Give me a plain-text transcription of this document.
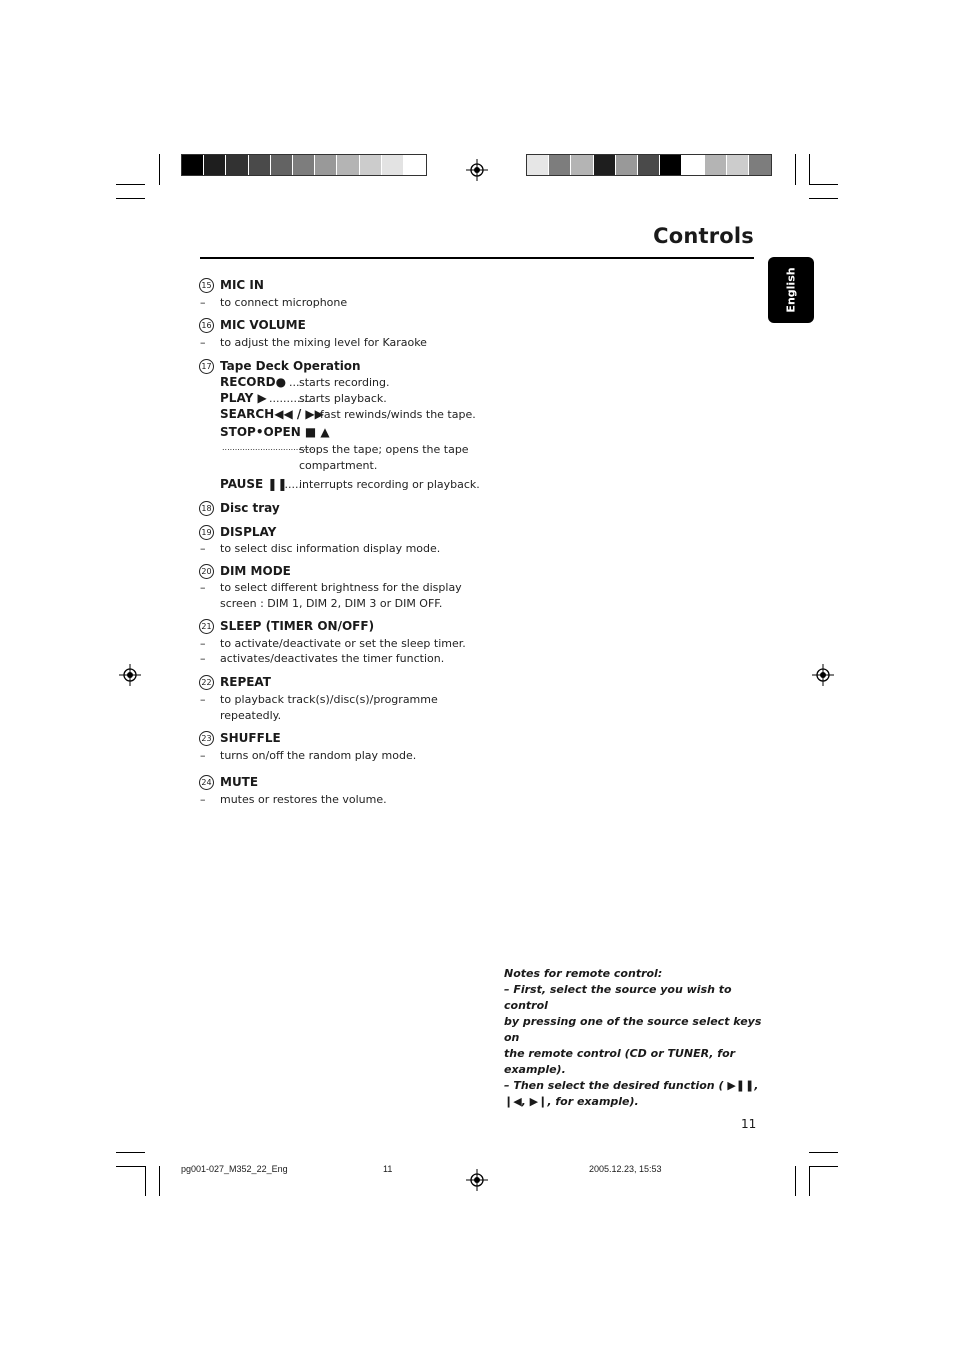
Controls
English
15 MIC IN
– to connect microphone
16 MIC VOLUME
– to adjust the mixing level for Karaoke
17 Tape Deck Operation
RECORD● ... starts recording.
PLAY ▶ ............
starts playback.
SEARCH◀◀ / ▶▶
fast rewinds/winds the tape.
STOP•OPEN ■ ▲
....................................
stops the tape; opens the tape
compartment.
PAUSE ❚❚
.......
interrupts recording or playback.
18 Disc tray
19 DISPLAY
– to select disc information display mode.
20 DIM MODE
– to select different brightness for the display
screen : DIM 1, DIM 2, DIM 3 or DIM OFF.
21 SLEEP (TIMER ON/OFF)
– to activate/deactivate or set the sleep timer.
– activates/deactivates the timer function.
22 REPEAT
– to playback track(s)/disc(s)/programme
repeatedly.
23 SHUFFLE
– turns on/off the random play mode.
24 MUTE
– mutes or restores the volume.
Notes for remote control:
– First, select the source you wish to control
by pressing one of the source select keys on
the remote control (CD or TUNER, for
example).
– Then select the desired function ( ▶❚❚,
❙◀, ▶❙, for example).
11
pg001-027_M352_22_Eng	11	2005.12.23, 15:53
